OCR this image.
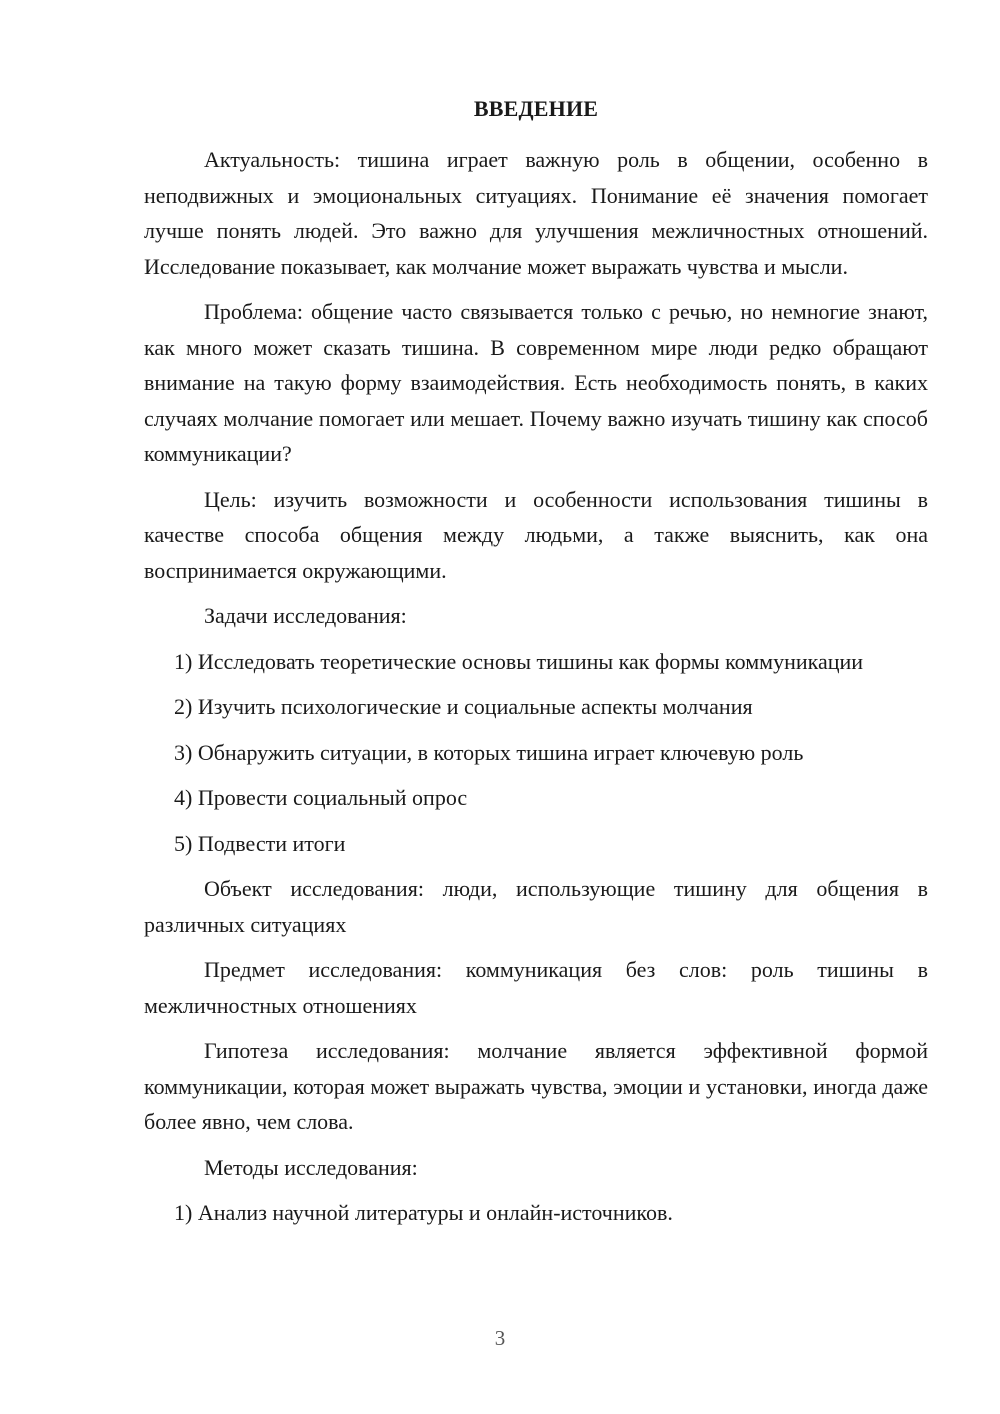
ВВЕДЕНИЕ

Актуальность: тишина играет важную роль в общении, особенно в неподвижных и эмоциональных ситуациях. Понимание её значения помогает лучше понять людей. Это важно для улучшения межличностных отношений. Исследование показывает, как молчание может выражать чувства и мысли.

Проблема: общение часто связывается только с речью, но немногие знают, как много может сказать тишина. В современном мире люди редко обращают внимание на такую форму взаимодействия. Есть необходимость понять, в каких случаях молчание помогает или мешает. Почему важно изучать тишину как способ коммуникации?

Цель: изучить возможности и особенности использования тишины в качестве способа общения между людьми, а также выяснить, как она воспринимается окружающими.

Задачи исследования:

1) Исследовать теоретические основы тишины как формы коммуникации

2) Изучить психологические и социальные аспекты молчания

3) Обнаружить ситуации, в которых тишина играет ключевую роль

4) Провести социальный опрос

5) Подвести итоги

Объект исследования: люди, использующие тишину для общения в различных ситуациях

Предмет исследования: коммуникация без слов: роль тишины в межличностных отношениях

Гипотеза исследования: молчание является эффективной формой коммуникации, которая может выражать чувства, эмоции и установки, иногда даже более явно, чем слова.

Методы исследования:

1) Анализ научной литературы и онлайн-источников.

3
